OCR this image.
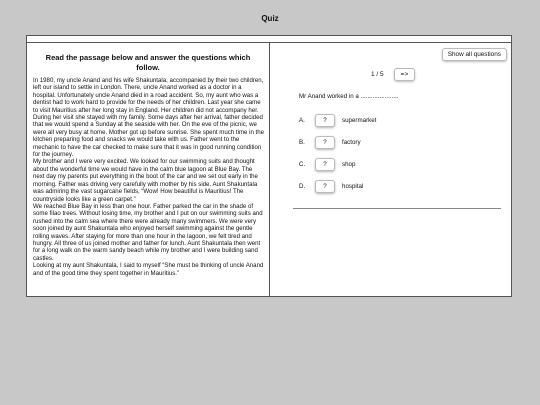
Quiz
Read the passage below and answer the questions which follow.

In 1980, my uncle Anand and his wife Shakuntala, accompanied by their two children, left our island to settle in London. There, uncle Anand worked as a doctor in a hospital. Unfortunately uncle Anand died in a road accident. So, my aunt who was a dentist had to work hard to provide for the needs of her children. Last year she came to visit Mauritius after her long stay in England. Her children did not accompany her.

During her visit she stayed with my family. Some days after her arrival, father decided that we would spend a Sunday at the seaside with her. On the eve of the picnic, we were all very busy at home. Mother got up before sunrise. She spent much time in the kitchen preparing food and snacks we would take with us. Father went to the mechanic to have the car checked to make sure that it was in good running condition for the journey.

My brother and I were very excited. We looked for our swimming suits and thought about the wonderful time we would have in the calm blue lagoon at Blue Bay. The next day my parents put everything in the boot of the car and we set out early in the morning. Father was driving very carefully with mother by his side. Aunt Shakuntala was admiring the vast sugarcane fields, “Wow! How beautiful is Mauritius! The countryside looks like a green carpet.”

We reached Blue Bay in less than one hour. Father parked the car in the shade of some filao trees. Without losing time, my brother and I put on our swimming suits and rushed into the calm sea where there were already many swimmers. We were very soon joined by aunt Shakuntala who enjoyed herself swimming against the gentle rolling waves. After staying for more than one hour in the lagoon, we felt tired and hungry. All three of us joined mother and father for lunch. Aunt Shakuntala then went for a long walk on the warm sandy beach while my brother and I were building sand castles.

Looking at my aunt Shakuntala, I said to myself “She must be thinking of uncle Anand and of the good time they spent together in Mauritius.”

Show all questions
1 / 5	=>
Mr Anand worked in a ......................
A.	?	supermarket
B.	?	factory
C.	?	shop
D.	?	hospital
